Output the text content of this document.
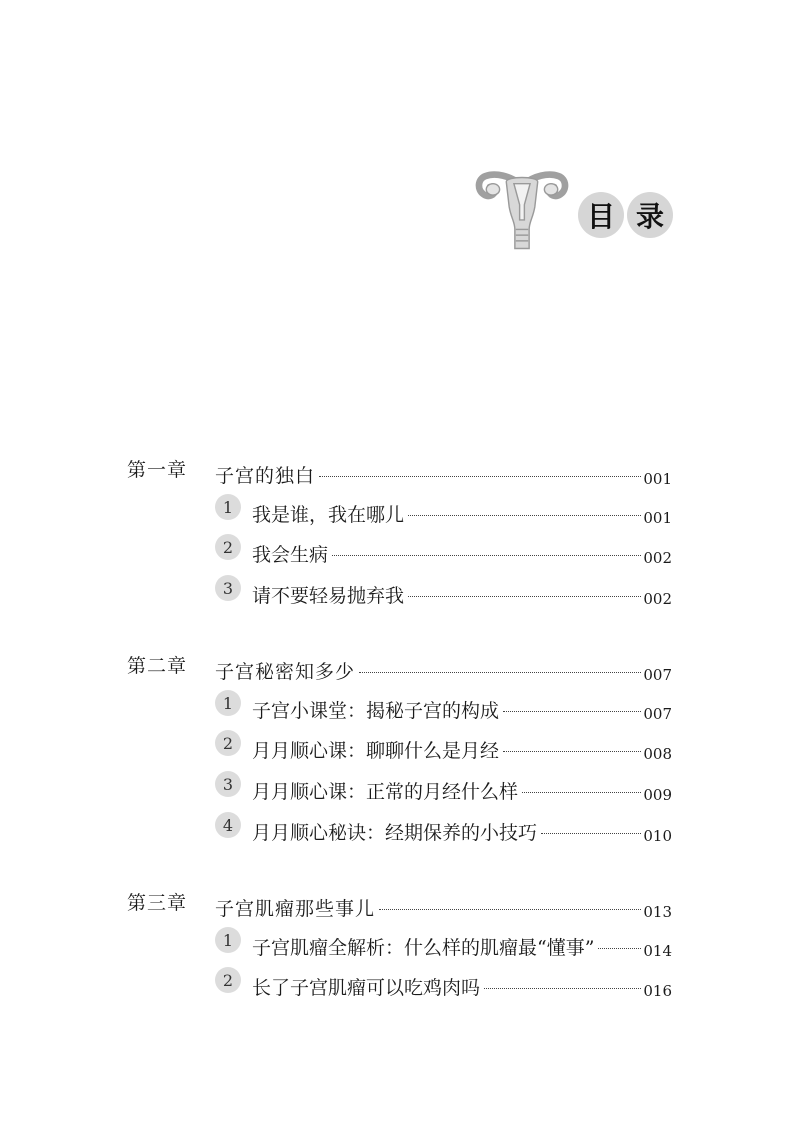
目 录
第一章 子宫的独白	001
1 我是谁，我在哪儿	001
2 我会生病	002
3 请不要轻易抛弃我	002
第二章 子宫秘密知多少	007
1 子宫小课堂：揭秘子宫的构成	007
2 月月顺心课：聊聊什么是月经	008
3 月月顺心课：正常的月经什么样	009
4 月月顺心秘诀：经期保养的小技巧	010
第三章 子宫肌瘤那些事儿	013
1 子宫肌瘤全解析：什么样的肌瘤最“懂事”	014
2 长了子宫肌瘤可以吃鸡肉吗	016
